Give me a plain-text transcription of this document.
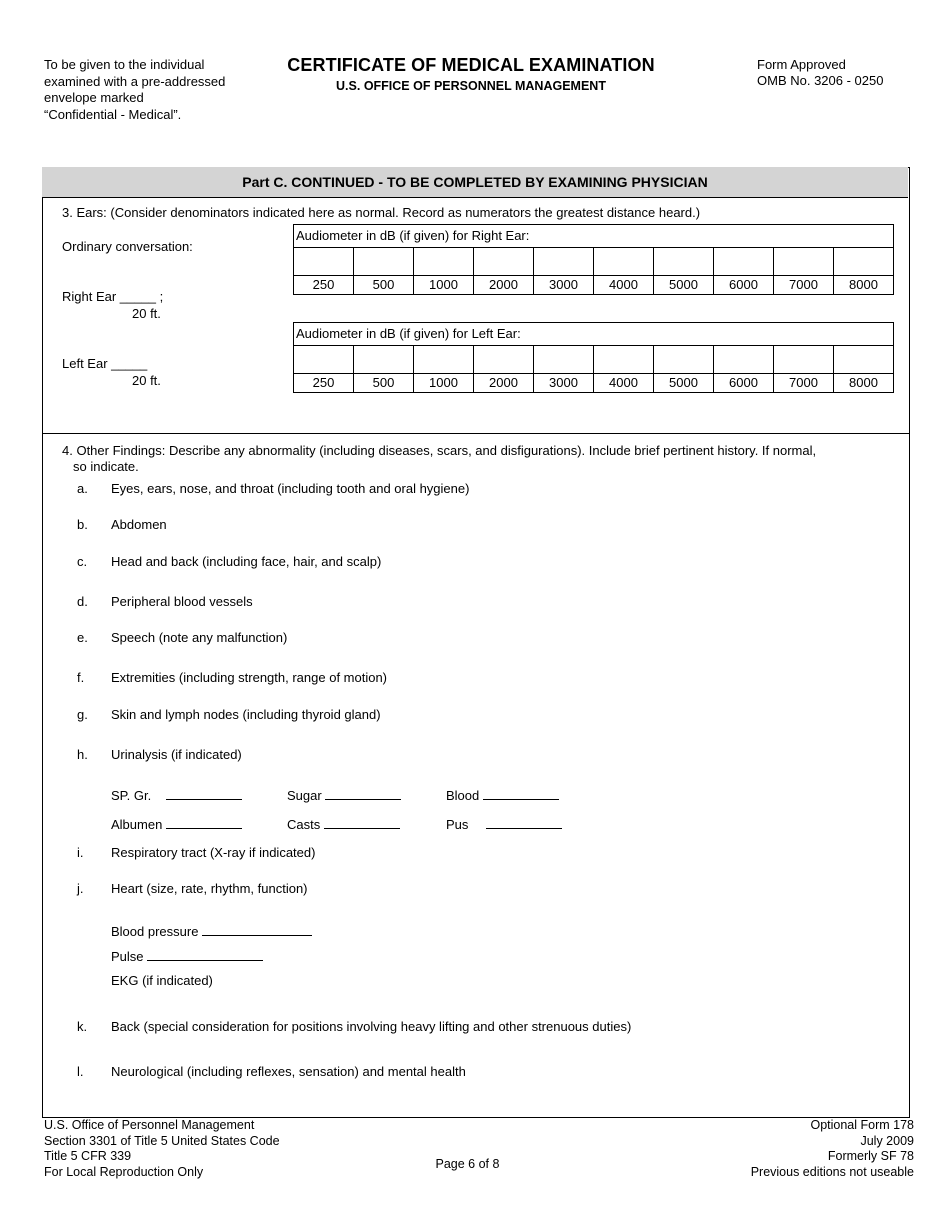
To be given to the individual
examined with a pre-addressed
envelope marked
“Confidential - Medical”.
CERTIFICATE OF MEDICAL EXAMINATION
U.S. OFFICE OF PERSONNEL MANAGEMENT
Form Approved
OMB No. 3206 - 0250
Part C. CONTINUED - TO BE COMPLETED BY EXAMINING PHYSICIAN
3. Ears: (Consider denominators indicated here as normal. Record as numerators the greatest distance heard.)
Ordinary conversation:
Right Ear _____ ;
20 ft.
Left Ear _____
20 ft.
Audiometer in dB (if given) for Right Ear:
250	500	1000	2000	3000	4000	5000	6000	7000	8000
Audiometer in dB (if given) for Left Ear:
250	500	1000	2000	3000	4000	5000	6000	7000	8000
4. Other Findings: Describe any abnormality (including diseases, scars, and disfigurations). Include brief pertinent history. If normal,
so indicate.
a.	Eyes, ears, nose, and throat (including tooth and oral hygiene)
b.	Abdomen
c.	Head and back (including face, hair, and scalp)
d.	Peripheral blood vessels
e.	Speech (note any malfunction)
f.	Extremities (including strength, range of motion)
g.	Skin and lymph nodes (including thyroid gland)
h.	Urinalysis (if indicated)
SP. Gr.	Sugar	Blood
Albumen	Casts	Pus
i.	Respiratory tract (X-ray if indicated)
j.	Heart (size, rate, rhythm, function)
Blood pressure
Pulse
EKG (if indicated)
k.	Back (special consideration for positions involving heavy lifting and other strenuous duties)
l.	Neurological (including reflexes, sensation) and mental health
U.S. Office of Personnel Management
Section 3301 of Title 5 United States Code
Title 5 CFR 339
For Local Reproduction Only
Page 6 of 8
Optional Form 178
July 2009
Formerly SF 78
Previous editions not useable
